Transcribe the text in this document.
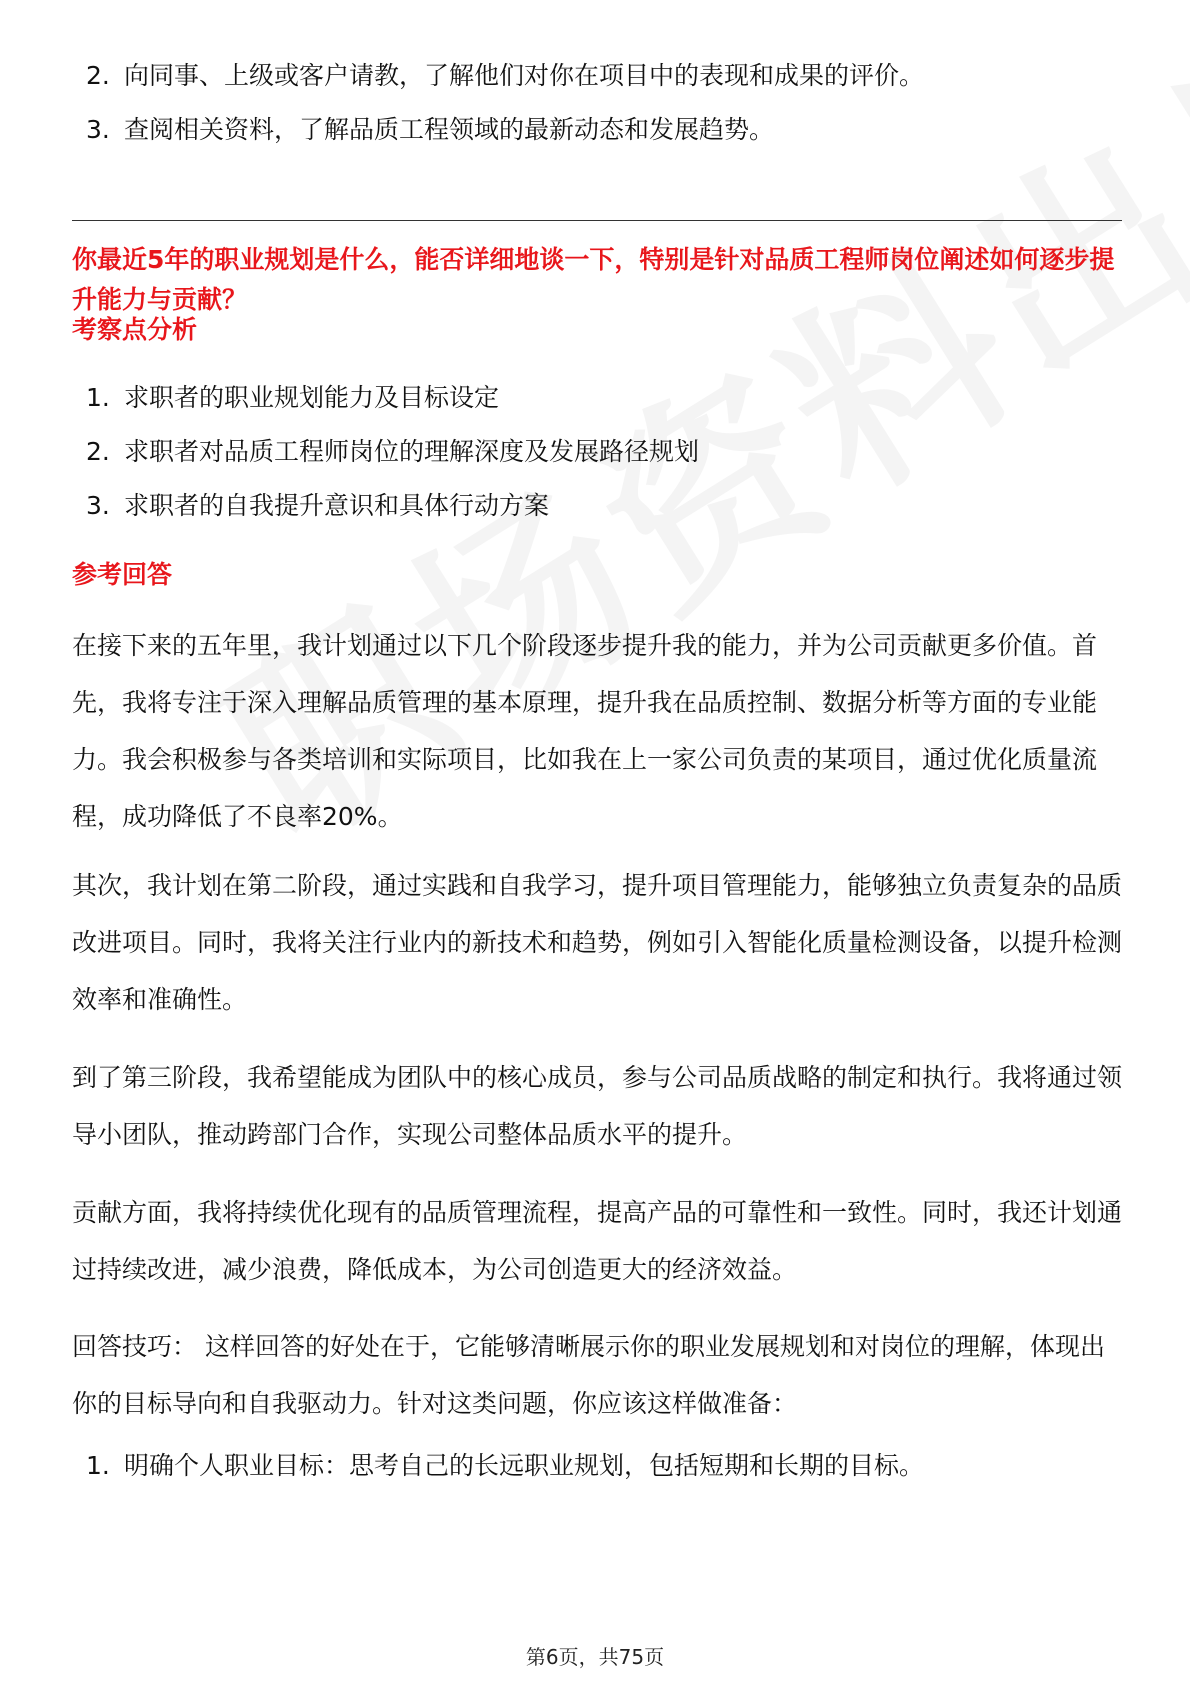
2. 向同事、上级或客户请教，了解他们对你在项目中的表现和成果的评价。
3. 查阅相关资料，了解品质工程领域的最新动态和发展趋势。
你最近5年的职业规划是什么，能否详细地谈一下，特别是针对品质工程师岗位阐述如何逐步提升能力与贡献？
考察点分析
1. 求职者的职业规划能力及目标设定
2. 求职者对品质工程师岗位的理解深度及发展路径规划
3. 求职者的自我提升意识和具体行动方案
参考回答
在接下来的五年里，我计划通过以下几个阶段逐步提升我的能力，并为公司贡献更多价值。首先，我将专注于深入理解品质管理的基本原理，提升我在品质控制、数据分析等方面的专业能力。我会积极参与各类培训和实际项目，比如我在上一家公司负责的某项目，通过优化质量流程，成功降低了不良率20%。
其次，我计划在第二阶段，通过实践和自我学习，提升项目管理能力，能够独立负责复杂的品质改进项目。同时，我将关注行业内的新技术和趋势，例如引入智能化质量检测设备，以提升检测效率和准确性。
到了第三阶段，我希望能成为团队中的核心成员，参与公司品质战略的制定和执行。我将通过领导小团队，推动跨部门合作，实现公司整体品质水平的提升。
贡献方面，我将持续优化现有的品质管理流程，提高产品的可靠性和一致性。同时，我还计划通过持续改进，减少浪费，降低成本，为公司创造更大的经济效益。
回答技巧： 这样回答的好处在于，它能够清晰展示你的职业发展规划和对岗位的理解，体现出你的目标导向和自我驱动力。针对这类问题，你应该这样做准备：
1. 明确个人职业目标：思考自己的长远职业规划，包括短期和长期的目标。
第6页，共75页
